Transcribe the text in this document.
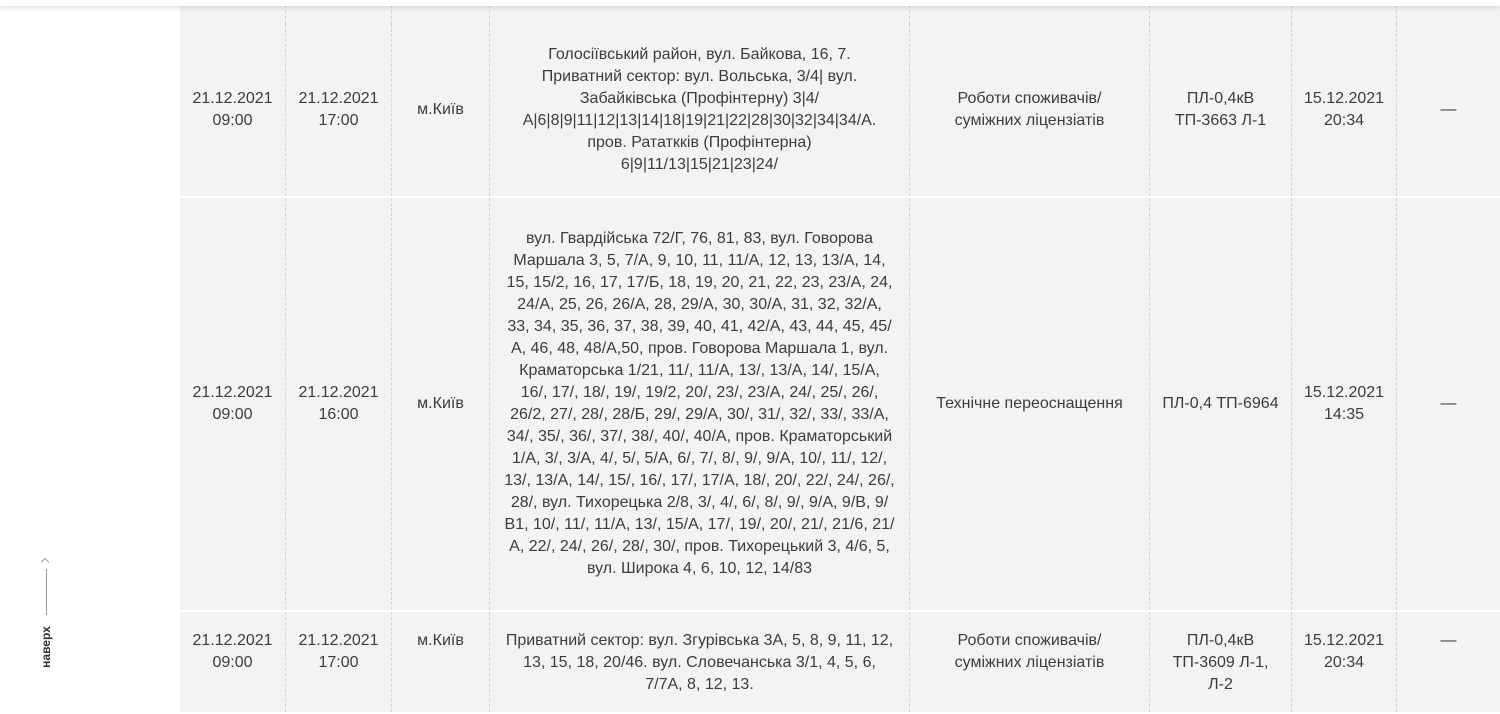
наверх
21.12.2021
09:00
21.12.2021
17:00
м.Київ
Голосіївський район, вул. Байкова, 16, 7.
Приватний сектор: вул. Вольська, 3/4| вул.
Забайківська (Профінтерну) 3|4/
А|6|8|9|11|12|13|14|18|19|21|22|28|30|32|34|34/А.
пров. Рататкків (Профінтерна)
6|9|11/13|15|21|23|24/
Роботи споживачів/
суміжних ліцензіатів
ПЛ-0,4кВ
ТП-3663 Л-1
15.12.2021
20:34
—
21.12.2021
09:00
21.12.2021
16:00
м.Київ
вул. Гвардійська 72/Г, 76, 81, 83, вул. Говорова Маршала 3, 5, 7/А, 9, 10, 11, 11/А, 12, 13, 13/А, 14, 15, 15/2, 16, 17, 17/Б, 18, 19, 20, 21, 22, 23, 23/А, 24, 24/А, 25, 26, 26/А, 28, 29/А, 30, 30/А, 31, 32, 32/А, 33, 34, 35, 36, 37, 38, 39, 40, 41, 42/А, 43, 44, 45, 45/А, 46, 48, 48/А,50, пров. Говорова Маршала 1, вул. Краматорська 1/21, 11/, 11/А, 13/, 13/А, 14/, 15/А, 16/, 17/, 18/, 19/, 19/2, 20/, 23/, 23/А, 24/, 25/, 26/, 26/2, 27/, 28/, 28/Б, 29/, 29/А, 30/, 31/, 32/, 33/, 33/А, 34/, 35/, 36/, 37/, 38/, 40/, 40/А, пров. Краматорський 1/А, 3/, 3/А, 4/, 5/, 5/А, 6/, 7/, 8/, 9/, 9/А, 10/, 11/, 12/, 13/, 13/А, 14/, 15/, 16/, 17/, 17/А, 18/, 20/, 22/, 24/, 26/, 28/, вул. Тихорецька 2/8, 3/, 4/, 6/, 8/, 9/, 9/А, 9/В, 9/В1, 10/, 11/, 11/А, 13/, 15/А, 17/, 19/, 20/, 21/, 21/6, 21/А, 22/, 24/, 26/, 28/, 30/, пров. Тихорецький 3, 4/6, 5, вул. Широка 4, 6, 10, 12, 14/83
Технічне переоснащення	ПЛ-0,4 ТП-6964
15.12.2021
14:35
—
21.12.2021
09:00
21.12.2021
17:00
м.Київ	Приватний сектор: вул. Згурівська 3А, 5, 8, 9, 11, 12, 13, 15, 18, 20/46. вул. Словечанська 3/1, 4, 5, 6, 7/7А, 8, 12, 13.
Роботи споживачів/
суміжних ліцензіатів
ПЛ-0,4кВ
ТП-3609 Л-1,
Л-2
15.12.2021
20:34
—
